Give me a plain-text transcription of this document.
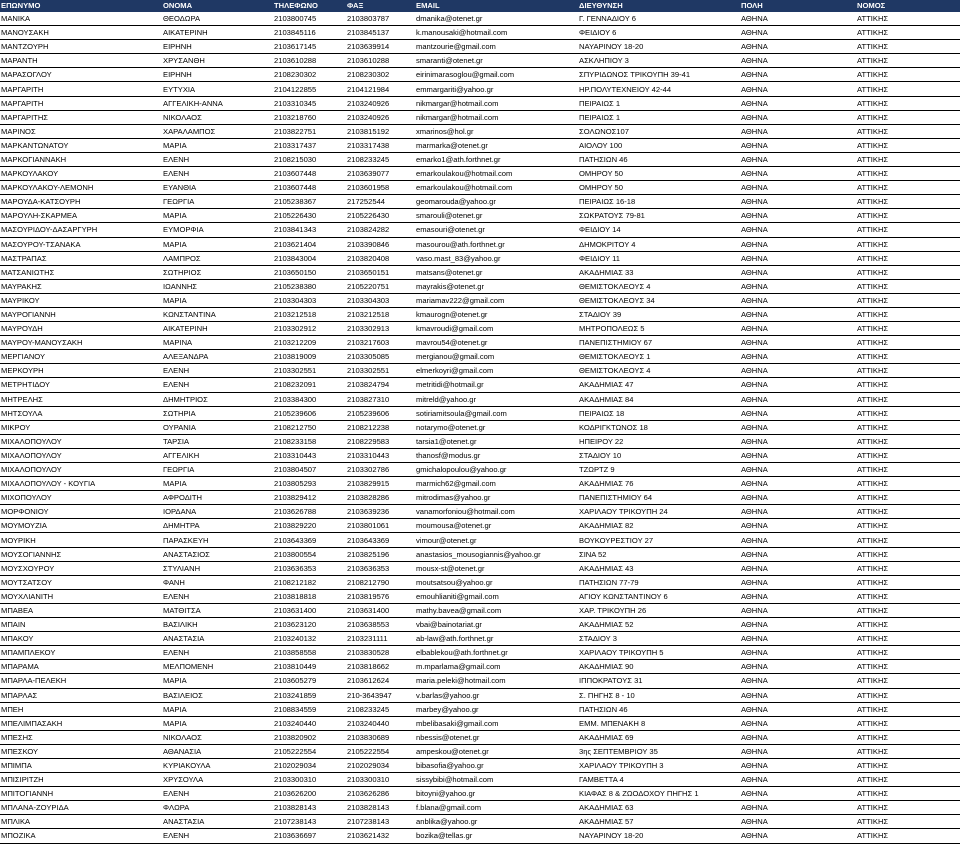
ΕΠΩΝΥΜΟ	ΟΝΟΜΑ	ΤΗΛΕΦΩΝΟ	ΦΑΞ	EMAIL	ΔΙΕΥΘΥΝΣΗ	ΠΟΛΗ	ΝΟΜΟΣ
ΜΑΝΙΚΑ	ΘΕΟΔΩΡΑ	2103800745	2103803787	dmanika@otenet.gr	Γ. ΓΕΝΝΑΔΙΟΥ 6	ΑΘΗΝΑ	ΑΤΤΙΚΗΣ
ΜΑΝΟΥΣΑΚΗ	ΑΙΚΑΤΕΡΙΝΗ	2103845116	2103845137	k.manousaki@hotmail.com	ΦΕΙΔΙΟΥ 6	ΑΘΗΝΑ	ΑΤΤΙΚΗΣ
ΜΑΝΤΖΟΥΡΗ	ΕΙΡΗΝΗ	2103617145	2103639914	mantzourie@gmail.com	ΝΑΥΑΡΙΝΟΥ 18-20	ΑΘΗΝΑ	ΑΤΤΙΚΗΣ
ΜΑΡΑΝΤΗ	ΧΡΥΣΑΝΘΗ	2103610288	2103610288	smaranti@otenet.gr	ΑΣΚΛΗΠΙΟΥ 3	ΑΘΗΝΑ	ΑΤΤΙΚΗΣ
ΜΑΡΑΣΟΓΛΟΥ	ΕΙΡΗΝΗ	2108230302	2108230302	eirinimarasoglou@gmail.com	ΣΠΥΡΙΔΩΝΟΣ ΤΡΙΚΟΥΠΗ 39-41	ΑΘΗΝΑ	ΑΤΤΙΚΗΣ
ΜΑΡΓΑΡΙΤΗ	ΕΥΤΥΧΙΑ	2104122855	2104121984	emmargariti@yahoo.gr	ΗΡ.ΠΟΛΥΤΕΧΝΕΙΟΥ 42-44	ΑΘΗΝΑ	ΑΤΤΙΚΗΣ
ΜΑΡΓΑΡΙΤΗ	ΑΓΓΕΛΙΚΗ-ΑΝΝΑ	2103310345	2103240926	nikmargar@hotmail.com	ΠΕΙΡΑΙΩΣ 1	ΑΘΗΝΑ	ΑΤΤΙΚΗΣ
ΜΑΡΓΑΡΙΤΗΣ	ΝΙΚΟΛΑΟΣ	2103218760	2103240926	nikmargar@hotmail.com	ΠΕΙΡΑΙΩΣ 1	ΑΘΗΝΑ	ΑΤΤΙΚΗΣ
ΜΑΡΙΝΟΣ	ΧΑΡΑΛΑΜΠΟΣ	2103822751	2103815192	xmarinos@hol.gr	ΣΟΛΩΝΟΣ107	ΑΘΗΝΑ	ΑΤΤΙΚΗΣ
ΜΑΡΚΑΝΤΩΝΑΤΟΥ	ΜΑΡΙΑ	2103317437	2103317438	marmarka@otenet.gr	ΑΙΟΛΟΥ 100	ΑΘΗΝΑ	ΑΤΤΙΚΗΣ
ΜΑΡΚΟΓΙΑΝΝΑΚΗ	ΕΛΕΝΗ	2108215030	2108233245	emarko1@ath.forthnet.gr	ΠΑΤΗΣΙΩΝ 46	ΑΘΗΝΑ	ΑΤΤΙΚΗΣ
ΜΑΡΚΟΥΛΑΚΟΥ	ΕΛΕΝΗ	2103607448	2103639077	emarkoulakou@hotmail.com	ΟΜΗΡΟΥ 50	ΑΘΗΝΑ	ΑΤΤΙΚΗΣ
ΜΑΡΚΟΥΛΑΚΟΥ-ΛΕΜΟΝΗ	ΕΥΑΝΘΙΑ	2103607448	2103601958	emarkoulakou@hotmail.com	ΟΜΗΡΟΥ 50	ΑΘΗΝΑ	ΑΤΤΙΚΗΣ
ΜΑΡΟΥΔΑ-ΚΑΤΣΟΥΡΗ	ΓΕΩΡΓΙΑ	2105238367	217252544	geomarouda@yahoo.gr	ΠΕΙΡΑΙΩΣ 16-18	ΑΘΗΝΑ	ΑΤΤΙΚΗΣ
ΜΑΡΟΥΛΗ-ΣΚΑΡΜΕΑ	ΜΑΡΙΑ	2105226430	2105226430	smarouli@otenet.gr	ΣΩΚΡΑΤΟΥΣ 79-81	ΑΘΗΝΑ	ΑΤΤΙΚΗΣ
ΜΑΣΟΥΡΙΔΟΥ-ΔΑΣΑΡΓΥΡΗ	ΕΥΜΟΡΦΙΑ	2103841343	2103824282	emasouri@otenet.gr	ΦΕΙΔΙΟΥ 14	ΑΘΗΝΑ	ΑΤΤΙΚΗΣ
ΜΑΣΟΥΡΟΥ-ΤΣΑΝΑΚΑ	ΜΑΡΙΑ	2103621404	2103390846	masourou@ath.forthnet.gr	ΔΗΜΟΚΡΙΤΟΥ 4	ΑΘΗΝΑ	ΑΤΤΙΚΗΣ
ΜΑΣΤΡΑΠΑΣ	ΛΑΜΠΡΟΣ	2103843004	2103820408	vaso.mast_83@yahoo.gr	ΦΕΙΔΙΟΥ 11	ΑΘΗΝΑ	ΑΤΤΙΚΗΣ
ΜΑΤΣΑΝΙΩΤΗΣ	ΣΩΤΗΡΙΟΣ	2103650150	2103650151	matsans@otenet.gr	ΑΚΑΔΗΜΙΑΣ 33	ΑΘΗΝΑ	ΑΤΤΙΚΗΣ
ΜΑΥΡΑΚΗΣ	ΙΩΑΝΝΗΣ	2105238380	2105220751	mayrakis@otenet.gr	ΘΕΜΙΣΤΟΚΛΕΟΥΣ 4	ΑΘΗΝΑ	ΑΤΤΙΚΗΣ
ΜΑΥΡΙΚΟΥ	ΜΑΡΙΑ	2103304303	2103304303	mariamav222@gmail.com	ΘΕΜΙΣΤΟΚΛΕΟΥΣ 34	ΑΘΗΝΑ	ΑΤΤΙΚΗΣ
ΜΑΥΡΟΓΙΑΝΝΗ	ΚΩΝΣΤΑΝΤΙΝΑ	2103212518	2103212518	kmaurogn@otenet.gr	ΣΤΑΔΙΟΥ 39	ΑΘΗΝΑ	ΑΤΤΙΚΗΣ
ΜΑΥΡΟΥΔΗ	ΑΙΚΑΤΕΡΙΝΗ	2103302912	2103302913	kmavroudi@gmail.com	ΜΗΤΡΟΠΟΛΕΩΣ 5	ΑΘΗΝΑ	ΑΤΤΙΚΗΣ
ΜΑΥΡΟΥ-ΜΑΝΟΥΣΑΚΗ	ΜΑΡΙΝΑ	2103212209	2103217603	mavrou54@otenet.gr	ΠΑΝΕΠΙΣΤΗΜΙΟΥ 67	ΑΘΗΝΑ	ΑΤΤΙΚΗΣ
ΜΕΡΓΙΑΝΟΥ	ΑΛΕΞΑΝΔΡΑ	2103819009	2103305085	mergianou@gmail.com	ΘΕΜΙΣΤΟΚΛΕΟΥΣ 1	ΑΘΗΝΑ	ΑΤΤΙΚΗΣ
ΜΕΡΚΟΥΡΗ	ΕΛΕΝΗ	2103302551	2103302551	elmerkoyri@gmail.com	ΘΕΜΙΣΤΟΚΛΕΟΥΣ 4	ΑΘΗΝΑ	ΑΤΤΙΚΗΣ
ΜΕΤΡΗΤΙΔΟΥ	ΕΛΕΝΗ	2108232091	2103824794	metritidi@hotmail.gr	ΑΚΑΔΗΜΙΑΣ 47	ΑΘΗΝΑ	ΑΤΤΙΚΗΣ
ΜΗΤΡΕΛΗΣ	ΔΗΜΗΤΡΙΟΣ	2103384300	2103827310	mitreld@yahoo.gr	ΑΚΑΔΗΜΙΑΣ 84	ΑΘΗΝΑ	ΑΤΤΙΚΗΣ
ΜΗΤΣΟΥΛΑ	ΣΩΤΗΡΙΑ	2105239606	2105239606	sotiriamitsoula@gmail.com	ΠΕΙΡΑΙΩΣ 18	ΑΘΗΝΑ	ΑΤΤΙΚΗΣ
ΜΙΚΡΟΥ	ΟΥΡΑΝΙΑ	2108212750	2108212238	notarymo@otenet.gr	ΚΟΔΡΙΓΚΤΩΝΟΣ 18	ΑΘΗΝΑ	ΑΤΤΙΚΗΣ
ΜΙΧΑΛΟΠΟΥΛΟΥ	ΤΑΡΣΙΑ	2108233158	2108229583	tarsia1@otenet.gr	ΗΠΕΙΡΟΥ 22	ΑΘΗΝΑ	ΑΤΤΙΚΗΣ
ΜΙΧΑΛΟΠΟΥΛΟΥ	ΑΓΓΕΛΙΚΗ	2103310443	2103310443	thanosf@modus.gr	ΣΤΑΔΙΟΥ 10	ΑΘΗΝΑ	ΑΤΤΙΚΗΣ
ΜΙΧΑΛΟΠΟΥΛΟΥ	ΓΕΩΡΓΙΑ	2103804507	2103302786	gmichalopoulou@yahoo.gr	ΤΖΩΡΤΖ 9	ΑΘΗΝΑ	ΑΤΤΙΚΗΣ
ΜΙΧΑΛΟΠΟΥΛΟΥ - ΚΟΥΓΙΑ	ΜΑΡΙΑ	2103805293	2103829915	marmich62@gmail.com	ΑΚΑΔΗΜΙΑΣ 76	ΑΘΗΝΑ	ΑΤΤΙΚΗΣ
ΜΙΧΟΠΟΥΛΟΥ	ΑΦΡΟΔΙΤΗ	2103829412	2103828286	mitrodimas@yahoo.gr	ΠΑΝΕΠΙΣΤΗΜΙΟΥ 64	ΑΘΗΝΑ	ΑΤΤΙΚΗΣ
ΜΟΡΦΟΝΙΟΥ	ΙΟΡΔΑΝΑ	2103626788	2103639236	vanamorfoniou@hotmail.com	ΧΑΡΙΛΑΟΥ ΤΡΙΚΟΥΠΗ 24	ΑΘΗΝΑ	ΑΤΤΙΚΗΣ
ΜΟΥΜΟΥΖΙΑ	ΔΗΜΗΤΡΑ	2103829220	2103801061	moumousa@otenet.gr	ΑΚΑΔΗΜΙΑΣ 82	ΑΘΗΝΑ	ΑΤΤΙΚΗΣ
ΜΟΥΡΙΚΗ	ΠΑΡΑΣΚΕΥΗ	2103643369	2103643369	vimour@otenet.gr	ΒΟΥΚΟΥΡΕΣΤΙΟΥ 27	ΑΘΗΝΑ	ΑΤΤΙΚΗΣ
ΜΟΥΣΟΓΙΑΝΝΗΣ	ΑΝΑΣΤΑΣΙΟΣ	2103800554	2103825196	anastasios_mousogiannis@yahoo.gr	ΣΙΝΑ 52	ΑΘΗΝΑ	ΑΤΤΙΚΗΣ
ΜΟΥΣΧΟΥΡΟΥ	ΣΤΥΛΙΑΝΗ	2103636353	2103636353	mousx-st@otenet.gr	ΑΚΑΔΗΜΙΑΣ 43	ΑΘΗΝΑ	ΑΤΤΙΚΗΣ
ΜΟΥΤΣΑΤΣΟΥ	ΦΑΝΗ	2108212182	2108212790	moutsatsou@yahoo.gr	ΠΑΤΗΣΙΩΝ 77-79	ΑΘΗΝΑ	ΑΤΤΙΚΗΣ
ΜΟΥΧΛΙΑΝΙΤΗ	ΕΛΕΝΗ	2103818818	2103819576	emouhlianiti@gmail.com	ΑΓΙΟΥ ΚΩΝΣΤΑΝΤΙΝΟΥ 6	ΑΘΗΝΑ	ΑΤΤΙΚΗΣ
ΜΠΑΒΕΑ	ΜΑΤΘΙΤΣΑ	2103631400	2103631400	mathy.bavea@gmail.com	ΧΑΡ. ΤΡΙΚΟΥΠΗ 26	ΑΘΗΝΑ	ΑΤΤΙΚΗΣ
ΜΠΑΙΝ	ΒΑΣΙΛΙΚΗ	2103623120	2103638553	vbai@bainotariat.gr	ΑΚΑΔΗΜΙΑΣ 52	ΑΘΗΝΑ	ΑΤΤΙΚΗΣ
ΜΠΑΚΟΥ	ΑΝΑΣΤΑΣΙΑ	2103240132	2103231111	ab-law@ath.forthnet.gr	ΣΤΑΔΙΟΥ 3	ΑΘΗΝΑ	ΑΤΤΙΚΗΣ
ΜΠΑΜΠΛΕΚΟΥ	ΕΛΕΝΗ	2103858558	2103830528	elbablekou@ath.forthnet.gr	ΧΑΡΙΛΑΟΥ ΤΡΙΚΟΥΠΗ 5	ΑΘΗΝΑ	ΑΤΤΙΚΗΣ
ΜΠΑΡΑΜΑ	ΜΕΛΠΟΜΕΝΗ	2103810449	2103818662	m.mparlama@gmail.com	ΑΚΑΔΗΜΙΑΣ 90	ΑΘΗΝΑ	ΑΤΤΙΚΗΣ
ΜΠΑΡΛΑ-ΠΕΛΕΚΗ	ΜΑΡΙΑ	2103605279	2103612624	maria.peleki@hotmail.com	ΙΠΠΟΚΡΑΤΟΥΣ 31	ΑΘΗΝΑ	ΑΤΤΙΚΗΣ
ΜΠΑΡΛΑΣ	ΒΑΣΙΛΕΙΟΣ	2103241859	210-3643947	v.barlas@yahoo.gr	Σ. ΠΗΓΗΣ 8 - 10	ΑΘΗΝΑ	ΑΤΤΙΚΗΣ
ΜΠΕΗ	ΜΑΡΙΑ	2108834559	2108233245	marbey@yahoo.gr	ΠΑΤΗΣΙΩΝ 46	ΑΘΗΝΑ	ΑΤΤΙΚΗΣ
ΜΠΕΛΙΜΠΑΣΑΚΗ	ΜΑΡΙΑ	2103240440	2103240440	mbelibasaki@gmail.com	ΕΜΜ. ΜΠΕΝΑΚΗ 8	ΑΘΗΝΑ	ΑΤΤΙΚΗΣ
ΜΠΕΣΗΣ	ΝΙΚΟΛΑΟΣ	2103820902	2103830689	nbessis@otenet.gr	ΑΚΑΔΗΜΙΑΣ 69	ΑΘΗΝΑ	ΑΤΤΙΚΗΣ
ΜΠΕΣΚΟΥ	ΑΘΑΝΑΣΙΑ	2105222554	2105222554	ampeskou@otenet.gr	3ης ΣΕΠΤΕΜΒΡΙΟΥ 35	ΑΘΗΝΑ	ΑΤΤΙΚΗΣ
ΜΠΙΜΠΑ	ΚΥΡΙΑΚΟΥΛΑ	2102029034	2102029034	bibasofia@yahoo.gr	ΧΑΡΙΛΑΟΥ ΤΡΙΚΟΥΠΗ 3	ΑΘΗΝΑ	ΑΤΤΙΚΗΣ
ΜΠΙΣΙΡΙΤΖΗ	ΧΡΥΣΟΥΛΑ	2103300310	2103300310	sissybibi@hotmail.com	ΓΑΜΒΕΤΤΑ 4	ΑΘΗΝΑ	ΑΤΤΙΚΗΣ
ΜΠΙΤΟΓΙΑΝΝΗ	ΕΛΕΝΗ	2103626200	2103626286	bitoyni@yahoo.gr	ΚΙΑΦΑΣ 8 & ΖΩΟΔΟΧΟΥ ΠΗΓΗΣ 1	ΑΘΗΝΑ	ΑΤΤΙΚΗΣ
ΜΠΛΑΝΑ-ΖΟΥΡΙΔΑ	ΦΛΩΡΑ	2103828143	2103828143	f.blana@gmail.com	ΑΚΑΔΗΜΙΑΣ 63	ΑΘΗΝΑ	ΑΤΤΙΚΗΣ
ΜΠΛΙΚΑ	ΑΝΑΣΤΑΣΙΑ	2107238143	2107238143	anblika@yahoo.gr	ΑΚΑΔΗΜΙΑΣ 57	ΑΘΗΝΑ	ΑΤΤΙΚΗΣ
ΜΠΟΖΙΚΑ	ΕΛΕΝΗ	2103636697	2103621432	bozika@tellas.gr	ΝΑΥΑΡΙΝΟΥ 18-20	ΑΘΗΝΑ	ΑΤΤΙΚΗΣ
